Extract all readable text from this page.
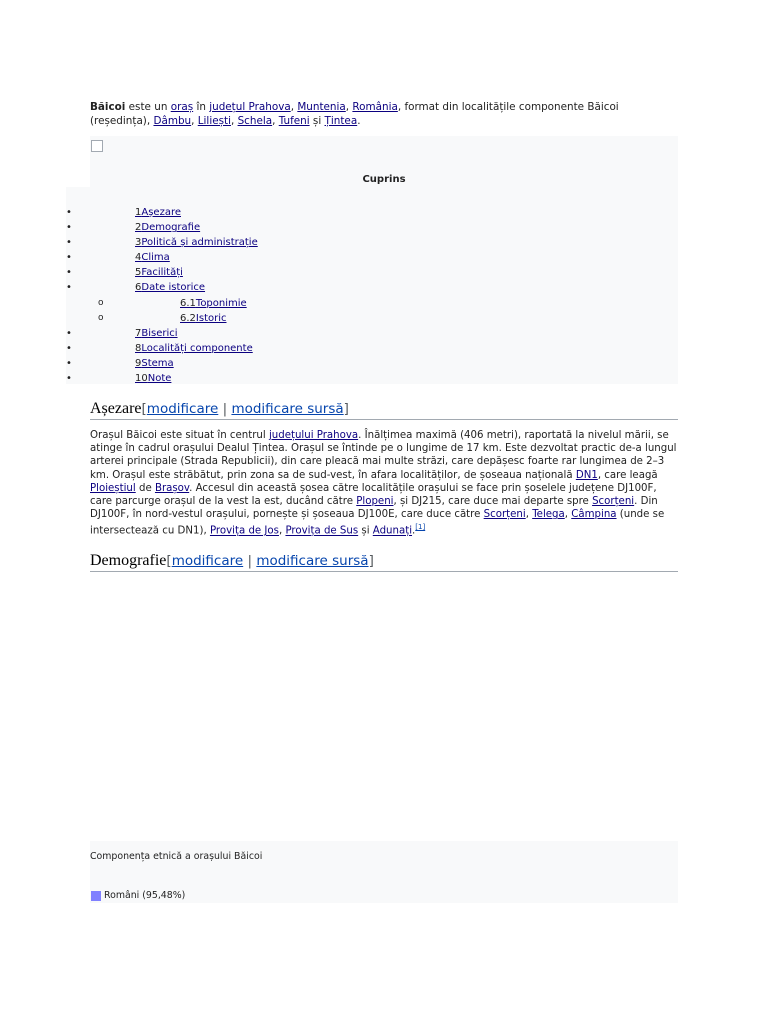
Băicoi este un oraș în județul Prahova, Muntenia, România, format din localitățile componente Băicoi (reședința), Dâmbu, Liliești, Schela, Tufeni și Țintea.
Cuprins
•	1Așezare
•	2Demografie
•	3Politică și administrație
•	4Clima
•	5Facilități
•	6Date istorice
o	6.1Toponimie
o	6.2Istoric
•	7Biserici
•	8Localități componente
•	9Stema
•	10Note
Așezare[modificare | modificare sursă]
Orașul Băicoi este situat în centrul județului Prahova. Înălțimea maximă (406 metri), raportată la nivelul mării, se atinge în cadrul orașului Dealul Țintea. Orașul se întinde pe o lungime de 17 km. Este dezvoltat practic de-a lungul arterei principale (Strada Republicii), din care pleacă mai multe străzi, care depășesc foarte rar lungimea de 2–3 km. Orașul este străbătut, prin zona sa de sud-vest, în afara localităților, de șoseaua națională DN1, care leagă Ploieștiul de Brașov. Accesul din această șosea către localitățile orașului se face prin șoselele județene DJ100F, care parcurge orașul de la vest la est, ducând către Plopeni, și DJ215, care duce mai departe spre Scorțeni. Din DJ100F, în nord-vestul orașului, pornește și șoseaua DJ100E, care duce către Scorțeni, Telega, Câmpina (unde se intersectează cu DN1), Provița de Jos, Provița de Sus și Adunați.[1]
Demografie[modificare | modificare sursă]
Componența etnică a orașului Băicoi
Români (95,48%)
